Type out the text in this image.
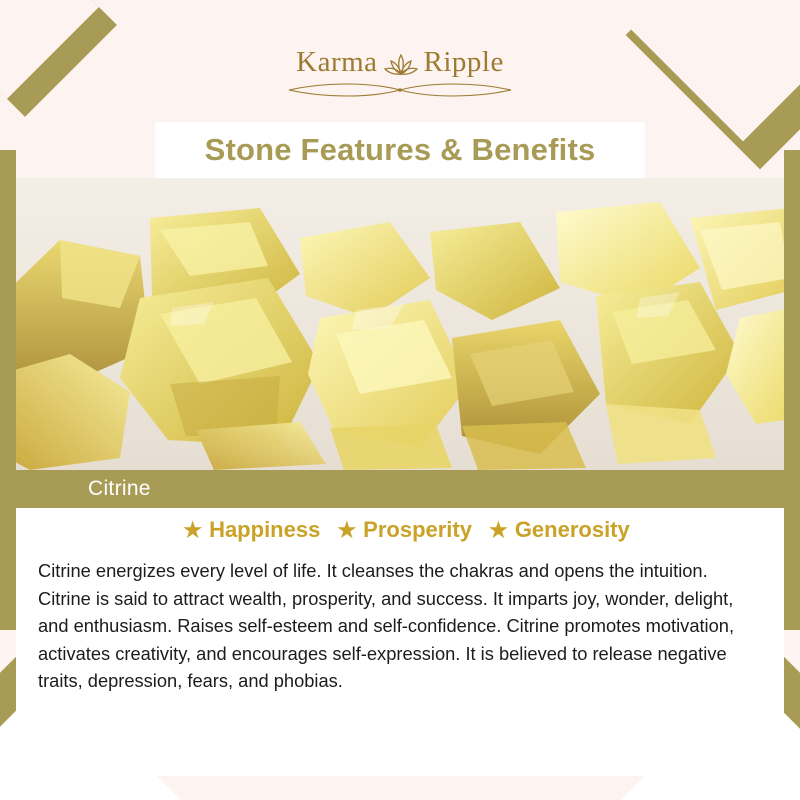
Karma Ripple
Stone Features & Benefits
Citrine
★ Happiness ★ Prosperity ★ Generosity

Citrine energizes every level of life. It cleanses the chakras and opens the intuition. Citrine is said to attract wealth, prosperity, and success. It imparts joy, wonder, delight, and enthusiasm. Raises self-esteem and self-confidence. Citrine promotes motivation, activates creativity, and encourages self-expression. It is believed to release negative traits, depression, fears, and phobias.
